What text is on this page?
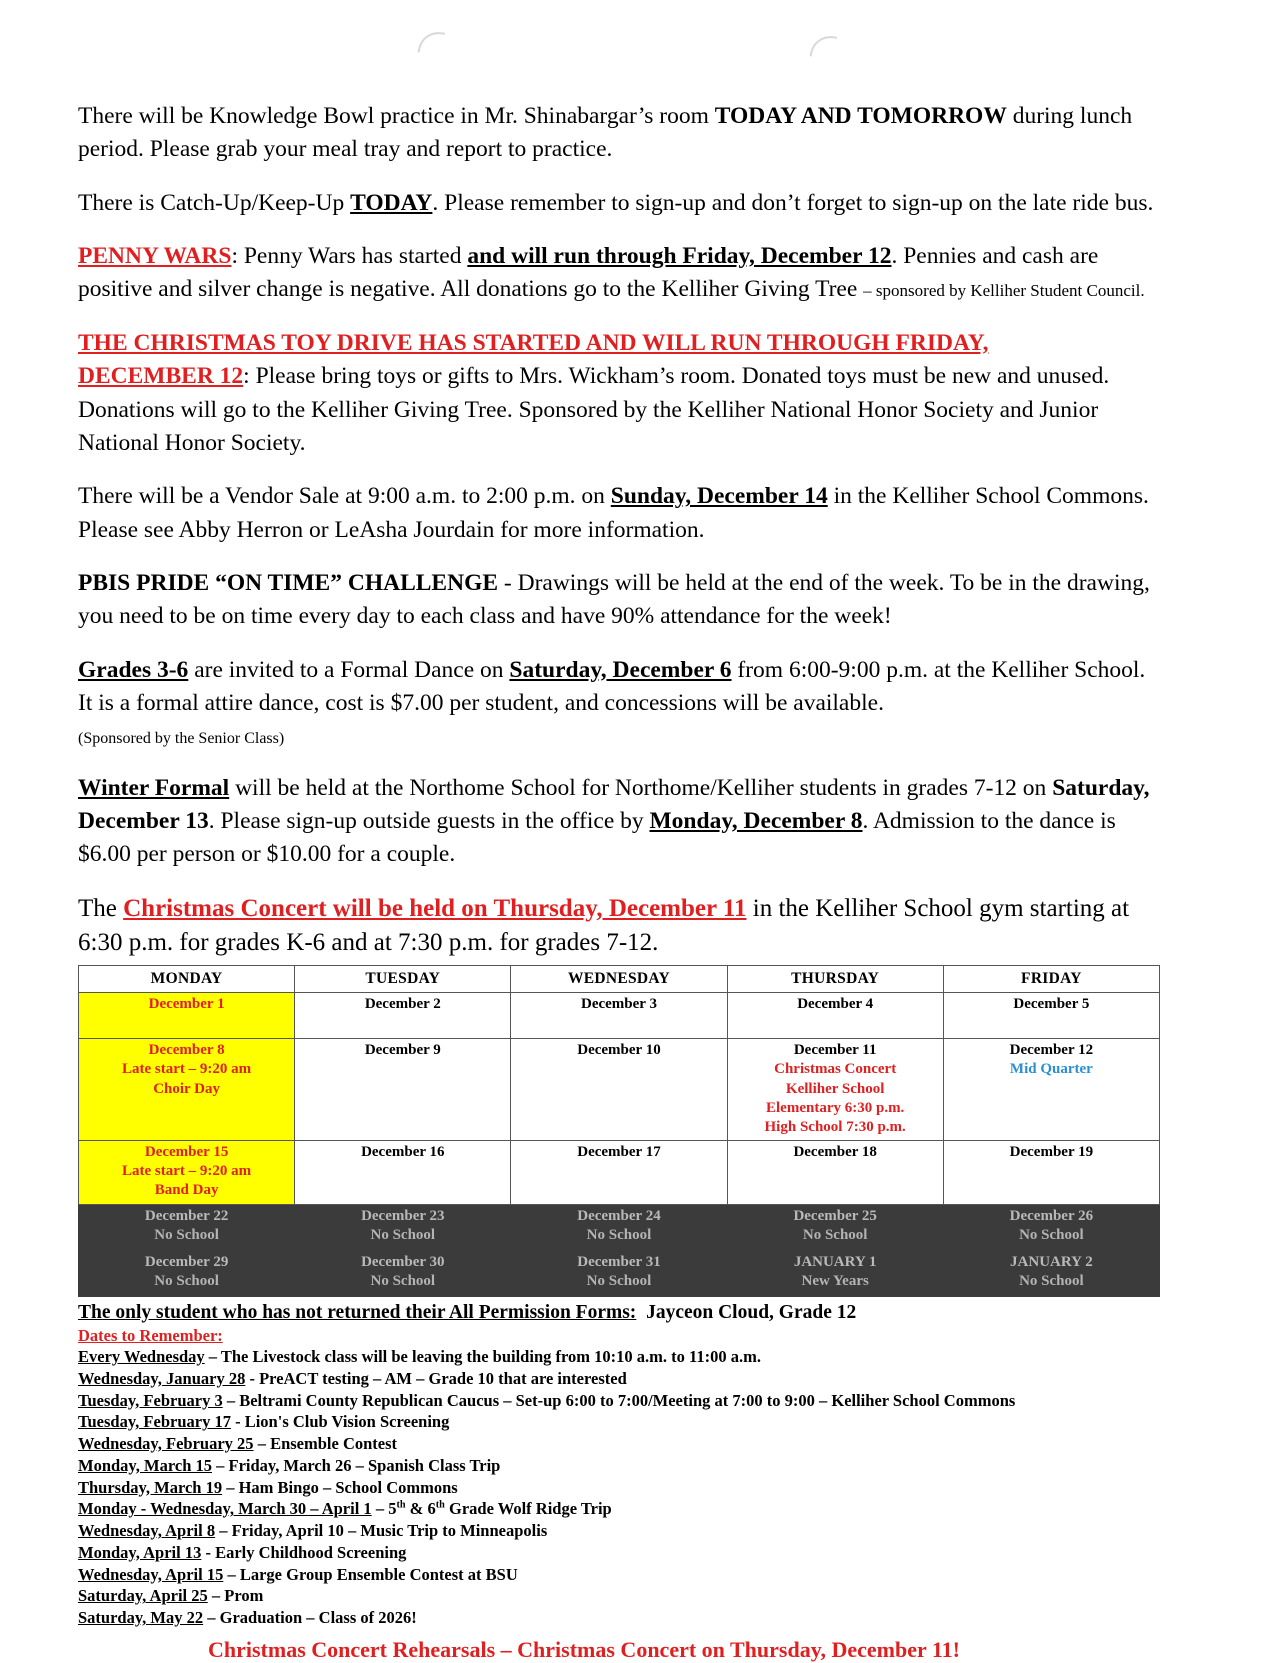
There will be Knowledge Bowl practice in Mr. Shinabargar’s room TODAY AND TOMORROW during lunch period. Please grab your meal tray and report to practice.

There is Catch-Up/Keep-Up TODAY. Please remember to sign-up and don’t forget to sign-up on the late ride bus.

PENNY WARS: Penny Wars has started and will run through Friday, December 12. Pennies and cash are positive and silver change is negative. All donations go to the Kelliher Giving Tree – sponsored by Kelliher Student Council.

THE CHRISTMAS TOY DRIVE HAS STARTED AND WILL RUN THROUGH FRIDAY,
DECEMBER 12: Please bring toys or gifts to Mrs. Wickham’s room. Donated toys must be new and unused. Donations will go to the Kelliher Giving Tree. Sponsored by the Kelliher National Honor Society and Junior National Honor Society.

There will be a Vendor Sale at 9:00 a.m. to 2:00 p.m. on Sunday, December 14 in the Kelliher School Commons. Please see Abby Herron or LeAsha Jourdain for more information.

PBIS PRIDE “ON TIME” CHALLENGE - Drawings will be held at the end of the week. To be in the drawing, you need to be on time every day to each class and have 90% attendance for the week!

Grades 3-6 are invited to a Formal Dance on Saturday, December 6 from 6:00-9:00 p.m. at the Kelliher School. It is a formal attire dance, cost is $7.00 per student, and concessions will be available.
(Sponsored by the Senior Class)

Winter Formal will be held at the Northome School for Northome/Kelliher students in grades 7-12 on Saturday, December 13. Please sign-up outside guests in the office by Monday, December 8. Admission to the dance is $6.00 per person or $10.00 for a couple.

The Christmas Concert will be held on Thursday, December 11 in the Kelliher School gym starting at 6:30 p.m. for grades K-6 and at 7:30 p.m. for grades 7-12.

MONDAY	TUESDAY	WEDNESDAY	THURSDAY	FRIDAY

December 1	December 2	December 3	December 4	December 5

December 8
Late start – 9:20 am
Choir Day	December 9	December 10	December 11
Christmas Concert
Kelliher School
Elementary 6:30 p.m.
High School 7:30 p.m.	December 12
Mid Quarter

December 15
Late start – 9:20 am
Band Day	December 16	December 17	December 18	December 19

December 22
No School	December 23
No School	December 24
No School	December 25
No School	December 26
No School

December 29
No School	December 30
No School	December 31
No School	JANUARY 1
New Years	JANUARY 2
No School
The only student who has not returned their All Permission Forms: Jayceon Cloud, Grade 12
Dates to Remember:
Every Wednesday – The Livestock class will be leaving the building from 10:10 a.m. to 11:00 a.m.
Wednesday, January 28 - PreACT testing – AM – Grade 10 that are interested
Tuesday, February 3 – Beltrami County Republican Caucus – Set-up 6:00 to 7:00/Meeting at 7:00 to 9:00 – Kelliher School Commons
Tuesday, February 17 - Lion's Club Vision Screening
Wednesday, February 25 – Ensemble Contest
Monday, March 15 – Friday, March 26 – Spanish Class Trip
Thursday, March 19 – Ham Bingo – School Commons
Monday - Wednesday, March 30 – April 1 – 5th & 6th Grade Wolf Ridge Trip
Wednesday, April 8 – Friday, April 10 – Music Trip to Minneapolis
Monday, April 13 - Early Childhood Screening
Wednesday, April 15 – Large Group Ensemble Contest at BSU
Saturday, April 25 – Prom
Saturday, May 22 – Graduation – Class of 2026!
Christmas Concert Rehearsals – Christmas Concert on Thursday, December 11!
